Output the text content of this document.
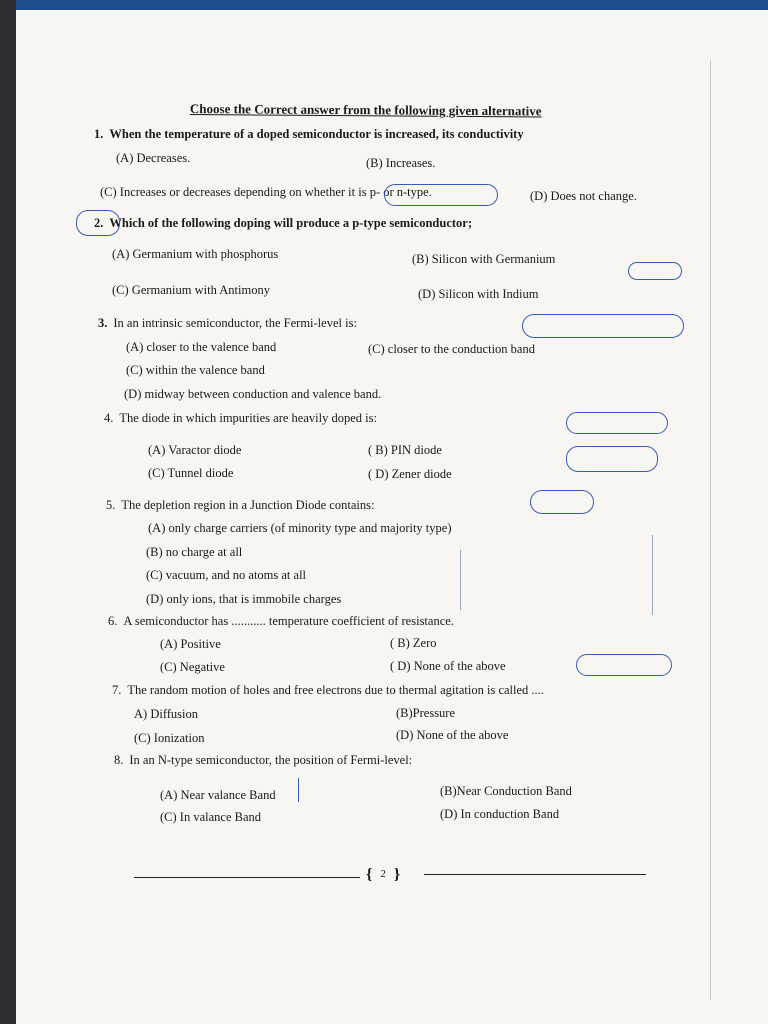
Choose the Correct answer from the following given alternative
1. When the temperature of a doped semiconductor is increased, its conductivity
(A) Decreases.	(B) Increases.
(C) Increases or decreases depending on whether it is p- or n-type.	(D) Does not change.
2. Which of the following doping will produce a p-type semiconductor;
(A) Germanium with phosphorus	(B) Silicon with Germanium
(C) Germanium with Antimony	(D) Silicon with Indium
3. In an intrinsic semiconductor, the Fermi-level is:
(A) closer to the valence band	(C) closer to the conduction band
(C) within the valence band
(D) midway between conduction and valence band.
4. The diode in which impurities are heavily doped is:
(A) Varactor diode	( B) PIN diode
(C) Tunnel diode	( D) Zener diode
5. The depletion region in a Junction Diode contains:
(A) only charge carriers (of minority type and majority type)
(B) no charge at all
(C) vacuum, and no atoms at all
(D) only ions, that is immobile charges
6. A semiconductor has ........... temperature coefficient of resistance.
(A) Positive	( B) Zero
(C) Negative	( D) None of the above
7. The random motion of holes and free electrons due to thermal agitation is called ....
A) Diffusion	(B)Pressure
(C) Ionization	(D) None of the above
8. In an N-type semiconductor, the position of Fermi-level:
(A) Near valance Band	(B)Near Conduction Band
(C) In valance Band	(D) In conduction Band
{ 2 }
